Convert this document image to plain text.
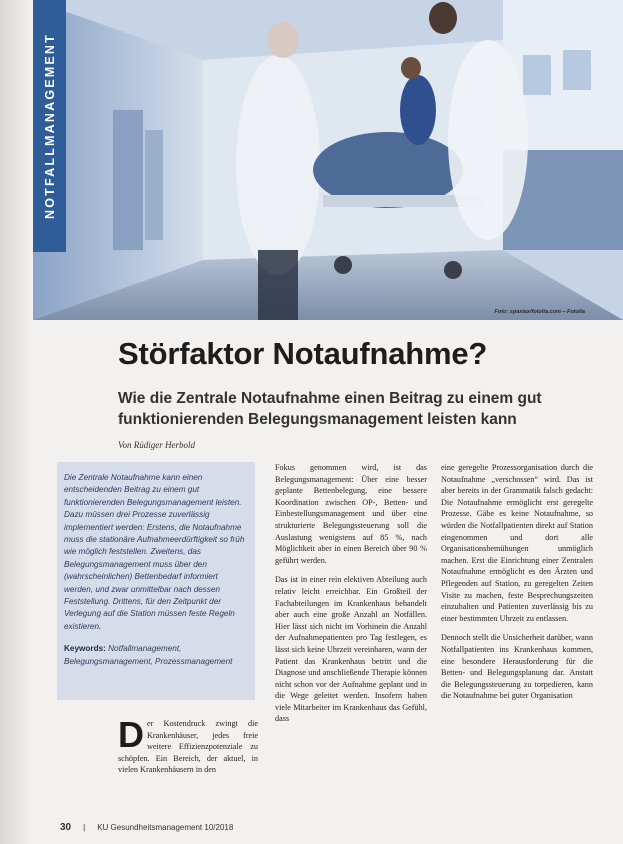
NOTFALLMANAGEMENT
Foto: spaxiax/fotolia.com – Fotolia
Störfaktor Notaufnahme?
Wie die Zentrale Notaufnahme einen Beitrag zu einem gut funktionierenden Belegungsmanagement leisten kann
Von Rüdiger Herbold

Die Zentrale Notaufnahme kann einen entscheidenden Beitrag zu einem gut funktionierenden Belegungsmanagement leisten. Dazu müssen drei Prozesse zuverlässig implementiert werden: Erstens, die Notaufnahme muss die stationäre Aufnahmeerdürftigkeit so früh wie möglich feststellen. Zweitens, das Belegungsmanagement muss über den (wahrscheinlichen) Bettenbedarf informiert werden, und zwar unmittelbar nach dessen Feststellung. Drittens, für den Zeitpunkt der Verlegung auf die Station müssen feste Regeln existieren.

Keywords: Notfallmanagement, Belegungsmanagement, Prozessmanagement

Der Kostendruck zwingt die Krankenhäuser, jedes freie weitere Effizienzpotenziale zu schöpfen. Ein Bereich, der aktuel, in vielen Krankenhäusern in den

Fokus genommen wird, ist das Belegungsmanagement: Über eine besser geplante Bettenbelegung, eine bessere Koordination zwischen OP-, Betten- und Einbestellungsmanagement und über eine strukturierte Belegungssteuerung soll die Auslastung wenigstens auf 85 %, nach Möglichkeit aber in einen Bereich über 90 % geführt werden.

Das ist in einer rein elektiven Abteilung auch relativ leicht erreichbar. Ein Großteil der Fachabteilungen im Krankenhaus behandelt aber auch eine große Anzahl an Notfällen. Hier lässt sich nicht im Vorhinein die Anzahl der Aufnahmepatienten pro Tag festlegen, es lässt sich keine Uhrzeit vereinbaren, wann der Patient das Krankenhaus betritt und die Diagnose und anschließende Therapie können nicht schon vor der Aufnahme geplant und in die Wege geleitet werden. Insofern haben viele Mitarbeiter im Krankenhaus das Gefühl, dass

eine geregelte Prozessorganisation durch die Notaufnahme „verschossen“ wird. Das ist aber bereits in der Grammatik falsch gedacht: Die Notaufnahme ermöglicht erst geregelte Prozesse. Gäbe es keine Notaufnahme, so würden die Notfallpatienten direkt auf Station eingenommen und dort alle Organisationsbemühungen unmöglich machen. Erst die Einrichtung einer Zentralen Notaufnahme ermöglicht es den Ärzten und Pflegenden auf Station, zu geregelten Zeiten Visite zu machen, feste Besprechungszeiten einzuhalten und Patienten zuverlässig bis zu einer bestimmten Uhrzeit zu entlassen.

Dennoch stellt die Unsicherheit darüber, wann Notfallpatienten ins Krankenhaus kommen, eine besondere Herausforderung für die Betten- und Belegungsplanung dar. Anstatt die Belegungssteuerung zu torpedieren, kann die Notaufnahme bei guter Organisation

30 | KU Gesundheitsmanagement 10/2018
